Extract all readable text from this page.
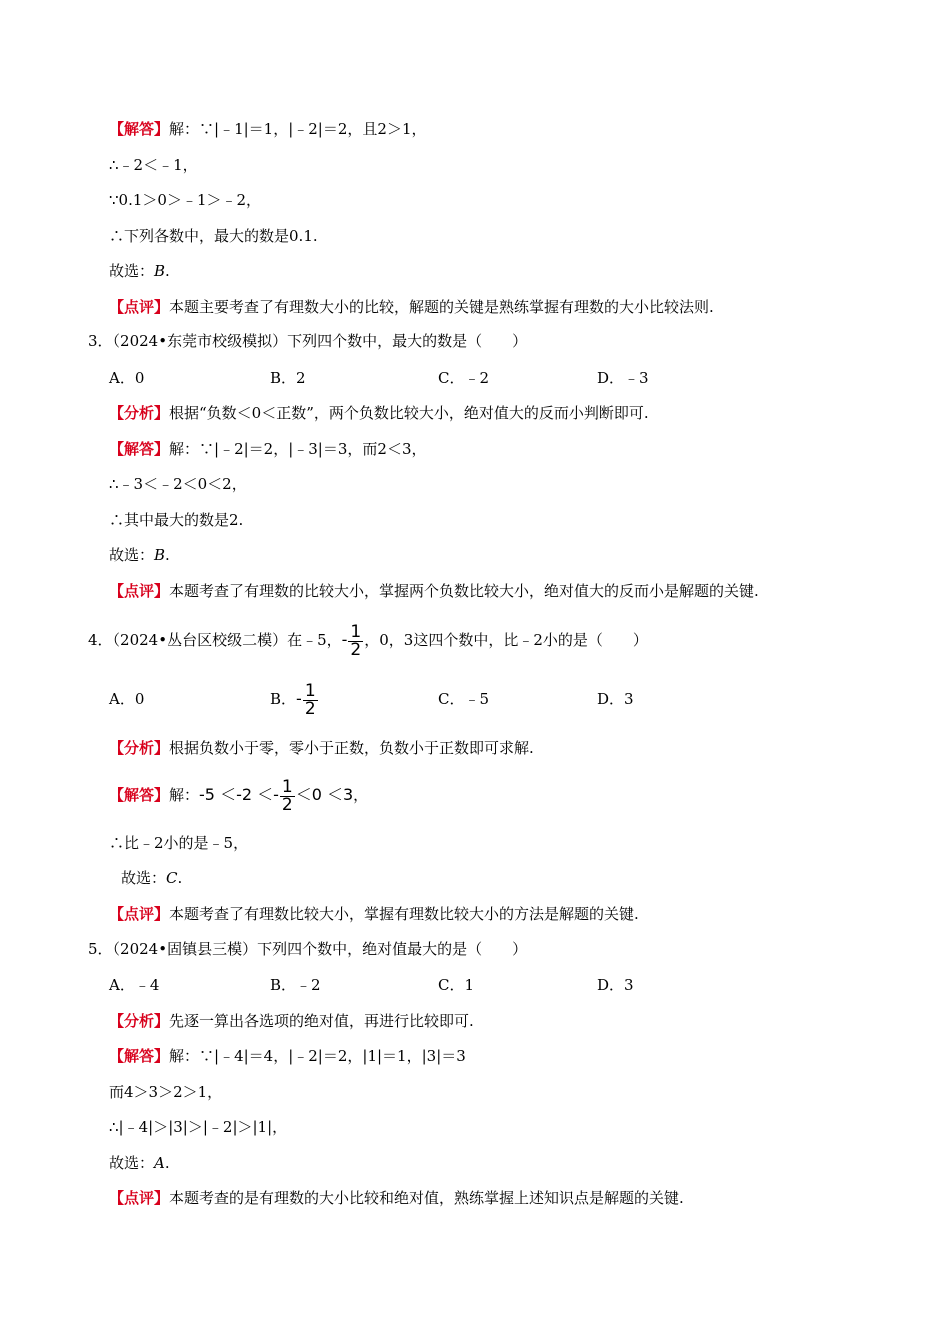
【解答】解：∵|﹣1|＝1，|﹣2|＝2，且2＞1，
∴﹣2＜﹣1，
∵0.1＞0＞﹣1＞﹣2，
∴下列各数中，最大的数是0.1.
故选：B.
【点评】本题主要考查了有理数大小的比较，解题的关键是熟练掌握有理数的大小比较法则.
3．（2024•东莞市校级模拟）下列四个数中，最大的数是（　　）
A．0	B．2	C．﹣2	D．﹣3
【分析】根据“负数＜0＜正数”，两个负数比较大小，绝对值大的反而小判断即可.
【解答】解：∵|﹣2|＝2，|﹣3|＝3，而2＜3，
∴﹣3＜﹣2＜0＜2，
∴其中最大的数是2.
故选：B.
【点评】本题考查了有理数的比较大小，掌握两个负数比较大小，绝对值大的反而小是解题的关键.
4．（2024•丛台区校级二模）在﹣5，- $\frac{1}{2}$ ，0，3这四个数中，比﹣2小的是（　　）
A．0	B．- $\frac{1}{2}$	C．﹣5	D．3
【分析】根据负数小于零，零小于正数，负数小于正数即可求解.
【解答】解：$-5 <-2 <- \frac{1}{2} <0 <3$，
∴比﹣2小的是﹣5，
故选：C.
【点评】本题考查了有理数比较大小，掌握有理数比较大小的方法是解题的关键.
5．（2024•固镇县三模）下列四个数中，绝对值最大的是（　　）
A．﹣4	B．﹣2	C．1	D．3
【分析】先逐一算出各选项的绝对值，再进行比较即可.
【解答】解：∵|﹣4|＝4，|﹣2|＝2，|1|＝1，|3|＝3
而4＞3＞2＞1，
∴|﹣4|＞|3|＞|﹣2|＞|1|，
故选：A.
【点评】本题考查的是有理数的大小比较和绝对值，熟练掌握上述知识点是解题的关键.
